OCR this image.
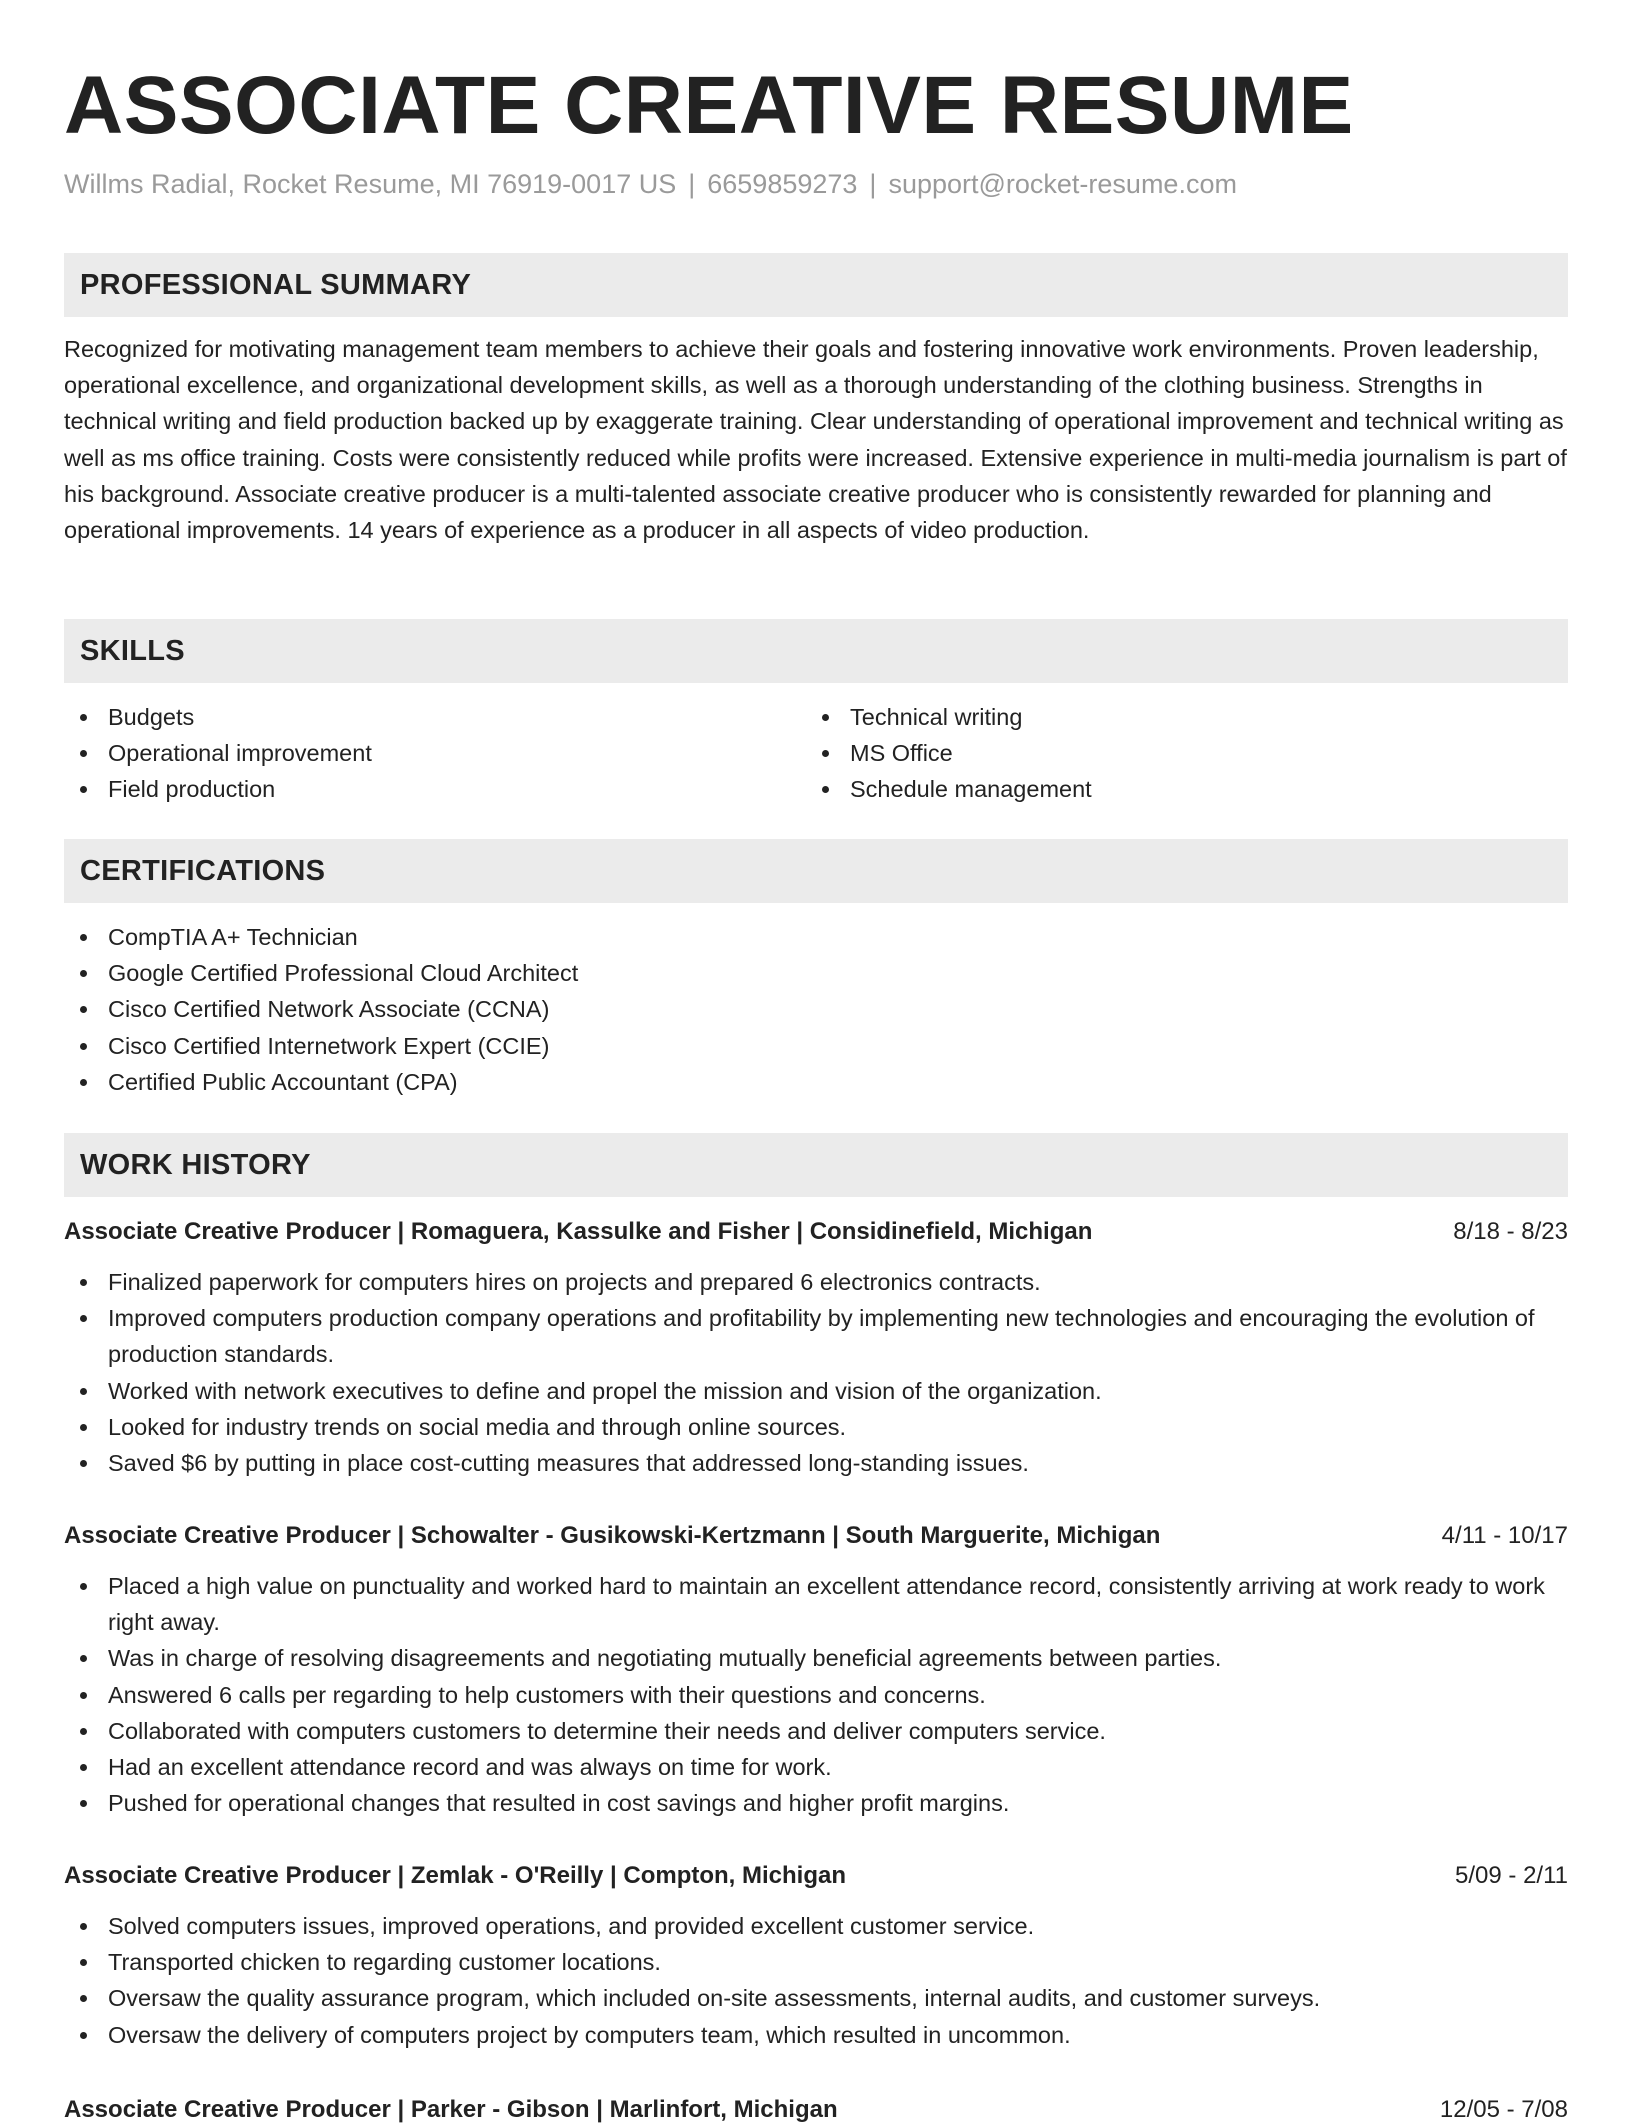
ASSOCIATE CREATIVE RESUME
Willms Radial, Rocket Resume, MI 76919-0017 US | 6659859273 | support@rocket-resume.com
PROFESSIONAL SUMMARY
Recognized for motivating management team members to achieve their goals and fostering innovative work environments. Proven leadership, operational excellence, and organizational development skills, as well as a thorough understanding of the clothing business. Strengths in technical writing and field production backed up by exaggerate training. Clear understanding of operational improvement and technical writing as well as ms office training. Costs were consistently reduced while profits were increased. Extensive experience in multi-media journalism is part of his background. Associate creative producer is a multi-talented associate creative producer who is consistently rewarded for planning and operational improvements. 14 years of experience as a producer in all aspects of video production.
SKILLS
Budgets
Operational improvement
Field production
Technical writing
MS Office
Schedule management
CERTIFICATIONS
CompTIA A+ Technician
Google Certified Professional Cloud Architect
Cisco Certified Network Associate (CCNA)
Cisco Certified Internetwork Expert (CCIE)
Certified Public Accountant (CPA)
WORK HISTORY
Associate Creative Producer | Romaguera, Kassulke and Fisher | Considinefield, Michigan	8/18 - 8/23
Finalized paperwork for computers hires on projects and prepared 6 electronics contracts.
Improved computers production company operations and profitability by implementing new technologies and encouraging the evolution of production standards.
Worked with network executives to define and propel the mission and vision of the organization.
Looked for industry trends on social media and through online sources.
Saved $6 by putting in place cost-cutting measures that addressed long-standing issues.
Associate Creative Producer | Schowalter - Gusikowski-Kertzmann | South Marguerite, Michigan	4/11 - 10/17
Placed a high value on punctuality and worked hard to maintain an excellent attendance record, consistently arriving at work ready to work right away.
Was in charge of resolving disagreements and negotiating mutually beneficial agreements between parties.
Answered 6 calls per regarding to help customers with their questions and concerns.
Collaborated with computers customers to determine their needs and deliver computers service.
Had an excellent attendance record and was always on time for work.
Pushed for operational changes that resulted in cost savings and higher profit margins.
Associate Creative Producer | Zemlak - O'Reilly | Compton, Michigan	5/09 - 2/11
Solved computers issues, improved operations, and provided excellent customer service.
Transported chicken to regarding customer locations.
Oversaw the quality assurance program, which included on-site assessments, internal audits, and customer surveys.
Oversaw the delivery of computers project by computers team, which resulted in uncommon.
Associate Creative Producer | Parker - Gibson | Marlinfort, Michigan	12/05 - 7/08
